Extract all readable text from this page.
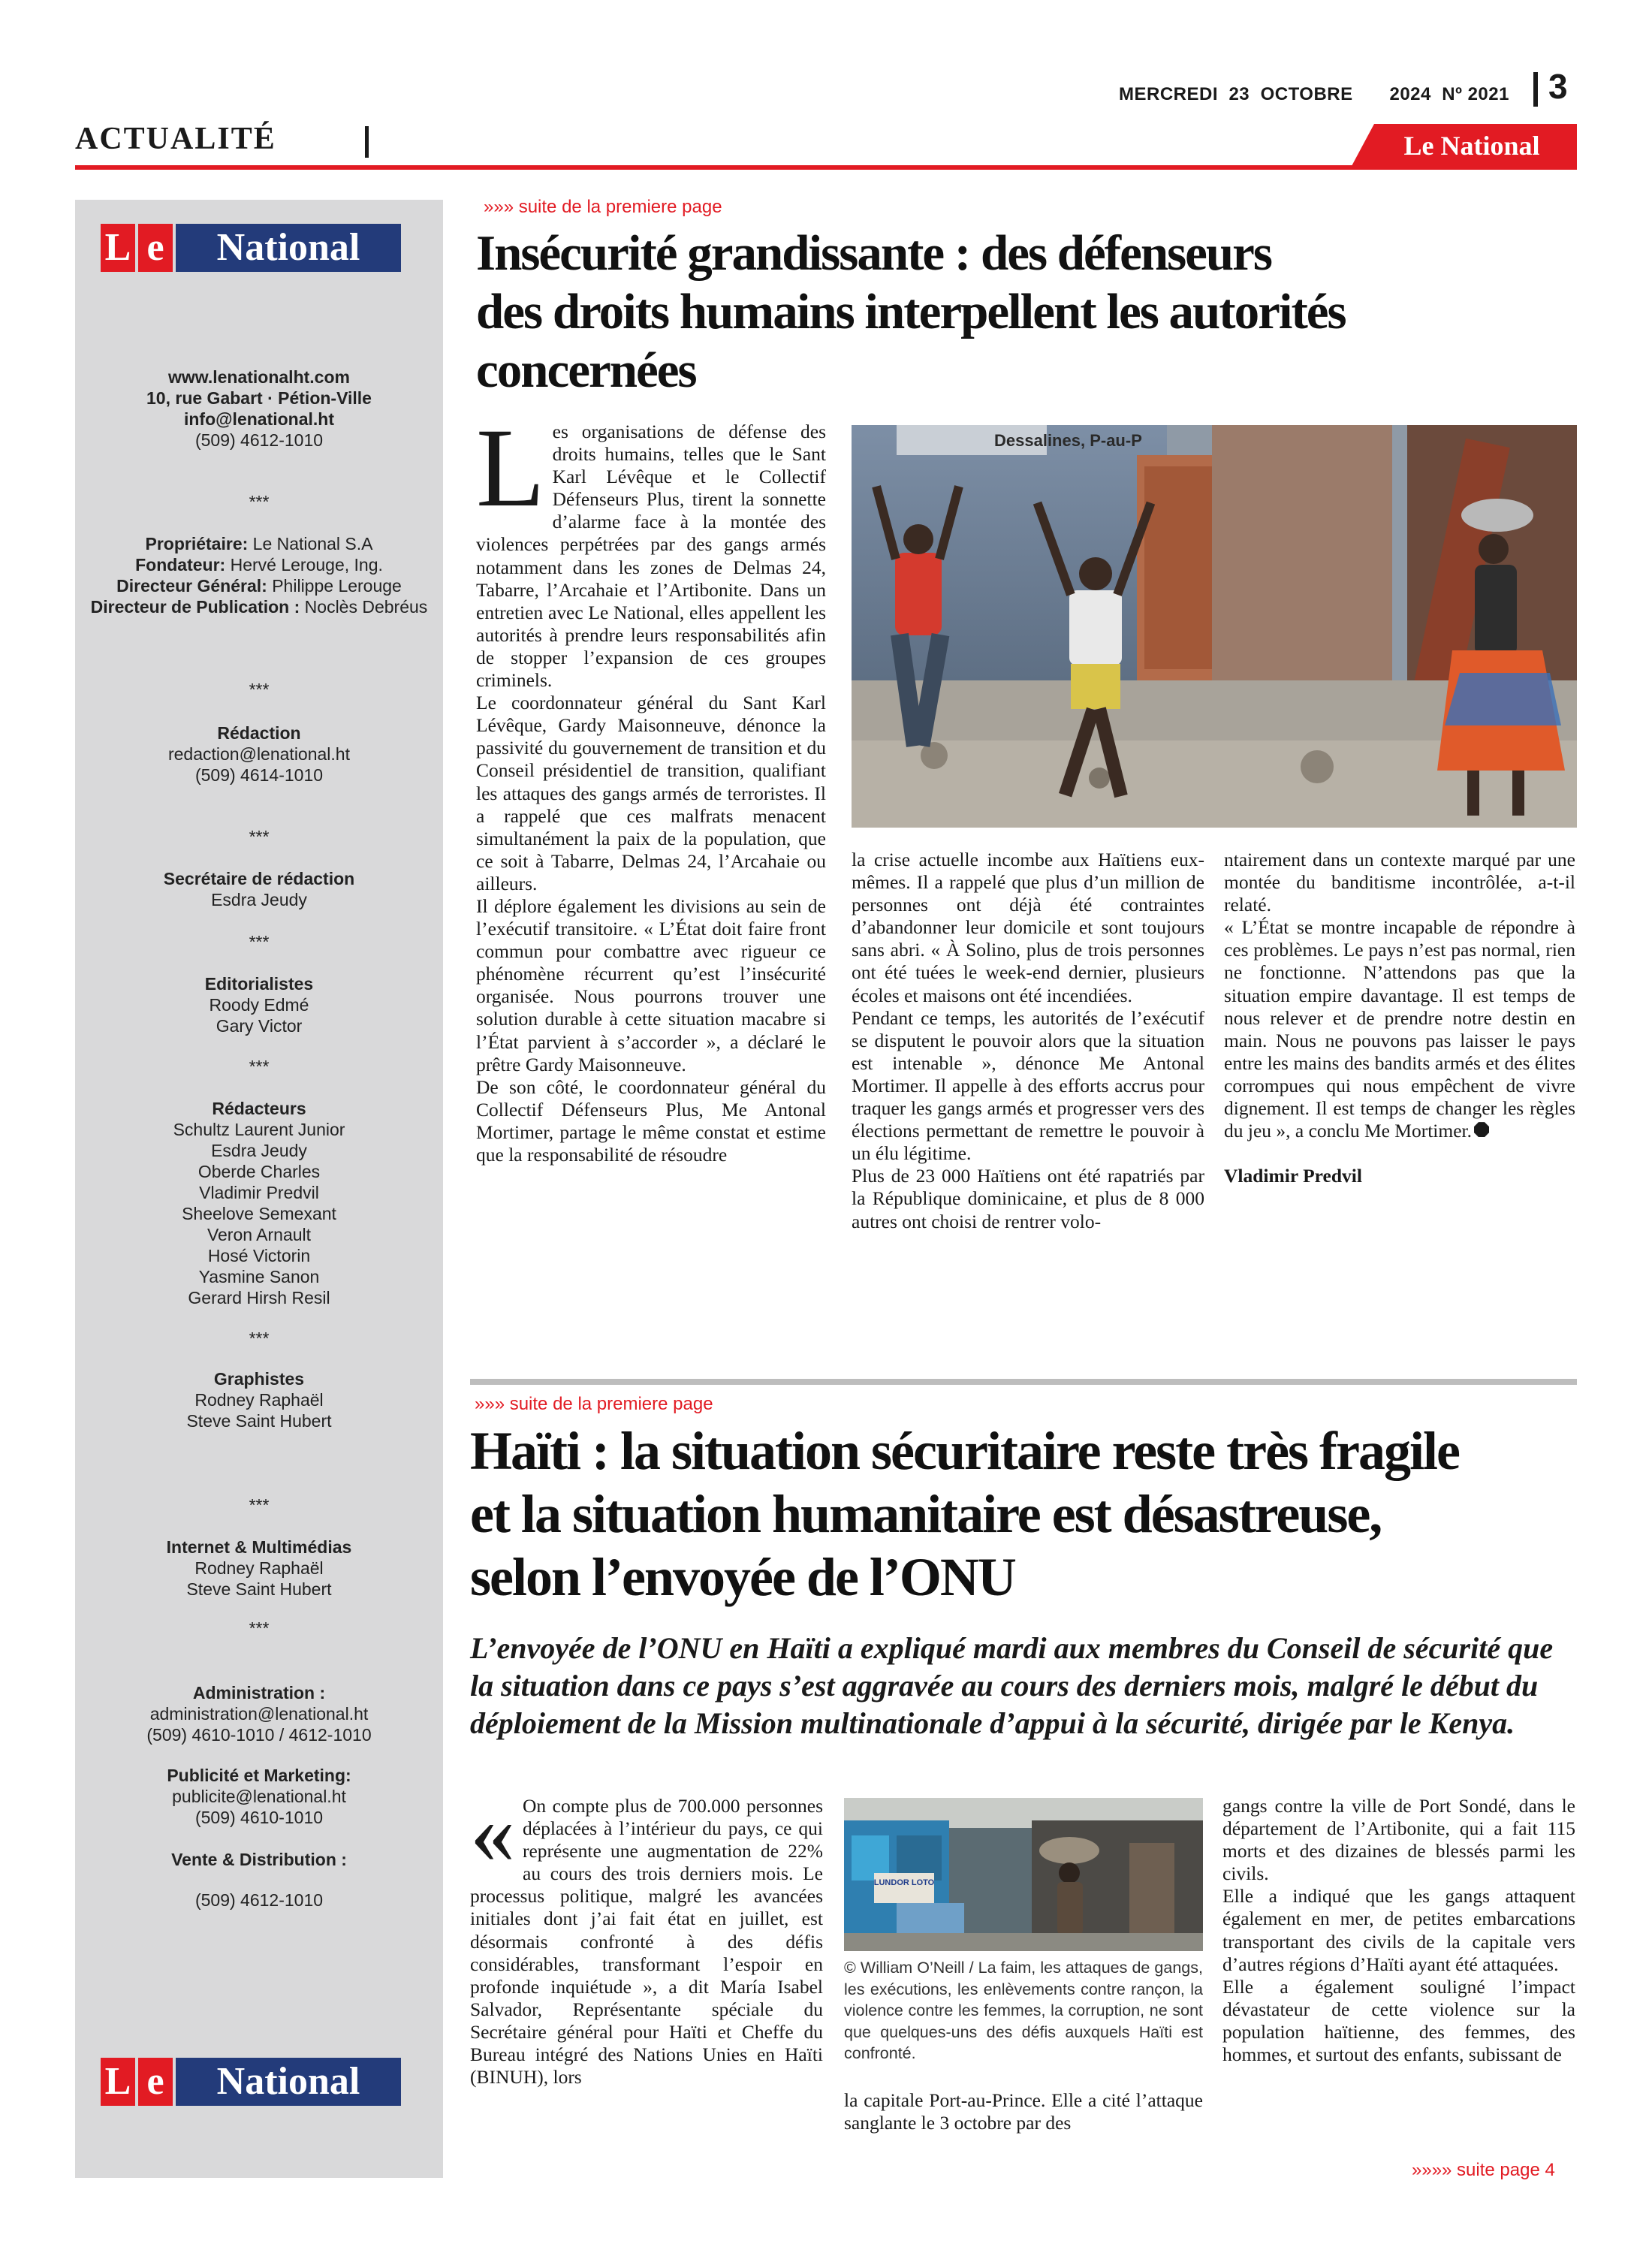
MERCREDI 23 OCTOBRE 2024 Nº 2021 3
ACTUALITÉ	Le National
L e	National
www.lenationalht.com
10, rue Gabart · Pétion-Ville
info@lenational.ht
(509) 4612-1010
***
Propriétaire: Le National S.A
Fondateur: Hervé Lerouge, Ing.
Directeur Général: Philippe Lerouge
Directeur de Publication : Noclès Debréus
***
Rédaction
redaction@lenational.ht
(509) 4614-1010
***
Secrétaire de rédaction
Esdra Jeudy
***
Editorialistes
Roody Edmé
Gary Victor
***
Rédacteurs
Schultz Laurent Junior
Esdra Jeudy
Oberde Charles
Vladimir Predvil
Sheelove Semexant
Veron Arnault
Hosé Victorin
Yasmine Sanon
Gerard Hirsh Resil
***
Graphistes
Rodney Raphaël
Steve Saint Hubert
***
Internet & Multimédias
Rodney Raphaël
Steve Saint Hubert
***
Administration :
administration@lenational.ht
(509) 4610-1010 / 4612-1010
Publicité et Marketing:
publicite@lenational.ht
(509) 4610-1010
Vente & Distribution :
(509) 4612-1010
L e	National
»»» suite de la premiere page
Insécurité grandissante : des défenseurs
des droits humains interpellent les autorités
concernées

Les organisations de défense des droits humains, telles que le Sant Karl Lévêque et le Collectif Défenseurs Plus, tirent la sonnette d’alarme face à la montée des violences perpétrées par des gangs armés notamment dans les zones de Delmas 24, Tabarre, l’Arcahaie et l’Artibonite. Dans un entretien avec Le National, elles appellent les autorités à prendre leurs responsabilités afin de stopper l’expansion de ces groupes criminels.

Le coordonnateur général du Sant Karl Lévêque, Gardy Maisonneuve, dénonce la passivité du gouvernement de transition et du Conseil présidentiel de transition, qualifiant les attaques des gangs armés de terroristes. Il a rappelé que ces malfrats menacent simultanément la paix de la population, que ce soit à Tabarre, Delmas 24, l’Arcahaie ou ailleurs.

Il déplore également les divisions au sein de l’exécutif transitoire. « L’État doit faire front commun pour combattre avec rigueur ce phénomène récurrent qu’est l’insécurité organisée. Nous pourrons trouver une solution durable à cette situation macabre si l’État parvient à s’accorder », a déclaré le prêtre Gardy Maisonneuve.

De son côté, le coordonnateur général du Collectif Défenseurs Plus, Me Antonal Mortimer, partage le même constat et estime que la responsabilité de résoudre

Dessalines, P-au-P

la crise actuelle incombe aux Haïtiens eux-mêmes. Il a rappelé que plus d’un million de personnes ont déjà été contraintes d’abandonner leur domicile et sont toujours sans abri. « À Solino, plus de trois personnes ont été tuées le week-end dernier, plusieurs écoles et maisons ont été incendiées.

Pendant ce temps, les autorités de l’exécutif se disputent le pouvoir alors que la situation est intenable », dénonce Me Antonal Mortimer. Il appelle à des efforts accrus pour traquer les gangs armés et progresser vers des élections permettant de remettre le pouvoir à un élu légitime.

Plus de 23 000 Haïtiens ont été rapatriés par la République dominicaine, et plus de 8 000 autres ont choisi de rentrer volo-

ntairement dans un contexte marqué par une montée du banditisme incontrôlée, a-t-il relaté.

« L’État se montre incapable de répondre à ces problèmes. Le pays n’est pas normal, rien ne fonctionne. N’attendons pas que la situation empire davantage. Il est temps de nous relever et de prendre notre destin en main. Nous ne pouvons pas laisser le pays entre les mains des bandits armés et des élites corrompues qui nous empêchent de vivre dignement. Il est temps de changer les règles du jeu », a conclu Me Mortimer.

Vladimir Predvil

»»» suite de la premiere page
Haïti : la situation sécuritaire reste très fragile
et la situation humanitaire est désastreuse,
selon l’envoyée de l’ONU
L’envoyée de l’ONU en Haïti a expliqué mardi aux membres du Conseil de sécurité que la situation dans ce pays s’est aggravée au cours des derniers mois, malgré le début du déploiement de la Mission multinationale d’appui à la sécurité, dirigée par le Kenya.

« On compte plus de 700.000 personnes déplacées à l’intérieur du pays, ce qui représente une augmentation de 22% au cours des trois derniers mois. Le processus politique, malgré les avancées initiales dont j’ai fait état en juillet, est désormais confronté à des défis considérables, transformant l’espoir en profonde inquiétude », a dit María Isabel Salvador, Représentante spéciale du Secrétaire général pour Haïti et Cheffe du Bureau intégré des Nations Unies en Haïti (BINUH), lors

LUNDOR LOTO
© William O’Neill / La faim, les attaques de gangs, les exécutions, les enlèvements contre rançon, la violence contre les femmes, la corruption, ne sont que quelques-uns des défis auxquels Haïti est confronté.

la capitale Port-au-Prince. Elle a cité l’attaque sanglante le 3 octobre par des

gangs contre la ville de Port Sondé, dans le département de l’Artibonite, qui a fait 115 morts et des dizaines de blessés parmi les civils.

Elle a indiqué que les gangs attaquent également en mer, de petites embarcations transportant des civils de la capitale vers d’autres régions d’Haïti ayant été attaquées.

Elle a également souligné l’impact dévastateur de cette violence sur la population haïtienne, des femmes, des hommes, et surtout des enfants, subissant de

»»»» suite page 4
